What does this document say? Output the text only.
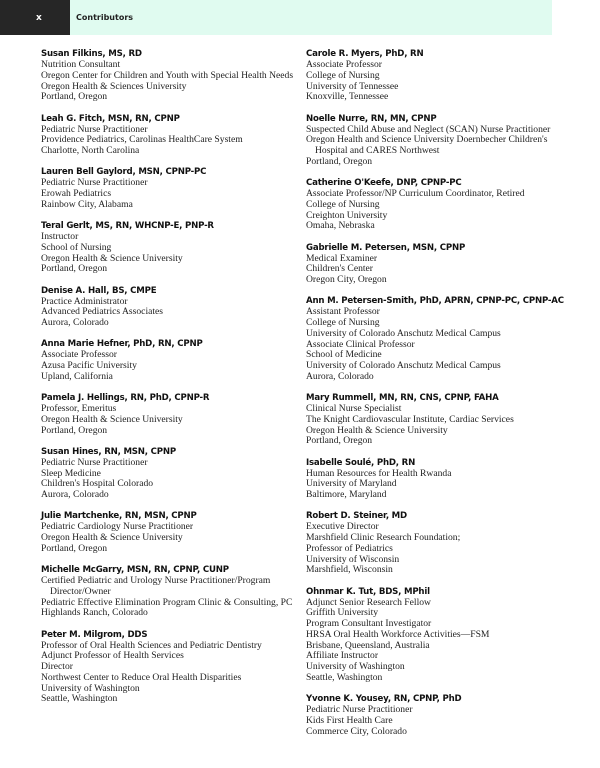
x	Contributors
Susan Filkins, MS, RD
Nutrition Consultant
Oregon Center for Children and Youth with Special Health Needs
Oregon Health & Sciences University
Portland, Oregon
Leah G. Fitch, MSN, RN, CPNP
Pediatric Nurse Practitioner
Providence Pediatrics, Carolinas HealthCare System
Charlotte, North Carolina
Lauren Bell Gaylord, MSN, CPNP-PC
Pediatric Nurse Practitioner
Erowah Pediatrics
Rainbow City, Alabama
Teral Gerlt, MS, RN, WHCNP-E, PNP-R
Instructor
School of Nursing
Oregon Health & Science University
Portland, Oregon
Denise A. Hall, BS, CMPE
Practice Administrator
Advanced Pediatrics Associates
Aurora, Colorado
Anna Marie Hefner, PhD, RN, CPNP
Associate Professor
Azusa Pacific University
Upland, California
Pamela J. Hellings, RN, PhD, CPNP-R
Professor, Emeritus
Oregon Health & Science University
Portland, Oregon
Susan Hines, RN, MSN, CPNP
Pediatric Nurse Practitioner
Sleep Medicine
Children's Hospital Colorado
Aurora, Colorado
Julie Martchenke, RN, MSN, CPNP
Pediatric Cardiology Nurse Practitioner
Oregon Health & Science University
Portland, Oregon
Michelle McGarry, MSN, RN, CPNP, CUNP
Certified Pediatric and Urology Nurse Practitioner/Program Director/Owner
Pediatric Effective Elimination Program Clinic & Consulting, PC
Highlands Ranch, Colorado
Peter M. Milgrom, DDS
Professor of Oral Health Sciences and Pediatric Dentistry
Adjunct Professor of Health Services
Director
Northwest Center to Reduce Oral Health Disparities
University of Washington
Seattle, Washington
Carole R. Myers, PhD, RN
Associate Professor
College of Nursing
University of Tennessee
Knoxville, Tennessee
Noelle Nurre, RN, MN, CPNP
Suspected Child Abuse and Neglect (SCAN) Nurse Practitioner
Oregon Health and Science University Doernbecher Children's Hospital and CARES Northwest
Portland, Oregon
Catherine O'Keefe, DNP, CPNP-PC
Associate Professor/NP Curriculum Coordinator, Retired
College of Nursing
Creighton University
Omaha, Nebraska
Gabrielle M. Petersen, MSN, CPNP
Medical Examiner
Children's Center
Oregon City, Oregon
Ann M. Petersen-Smith, PhD, APRN, CPNP-PC, CPNP-AC
Assistant Professor
College of Nursing
University of Colorado Anschutz Medical Campus
Associate Clinical Professor
School of Medicine
University of Colorado Anschutz Medical Campus
Aurora, Colorado
Mary Rummell, MN, RN, CNS, CPNP, FAHA
Clinical Nurse Specialist
The Knight Cardiovascular Institute, Cardiac Services
Oregon Health & Science University
Portland, Oregon
Isabelle Soulé, PhD, RN
Human Resources for Health Rwanda
University of Maryland
Baltimore, Maryland
Robert D. Steiner, MD
Executive Director
Marshfield Clinic Research Foundation;
Professor of Pediatrics
University of Wisconsin
Marshfield, Wisconsin
Ohnmar K. Tut, BDS, MPhil
Adjunct Senior Research Fellow
Griffith University
Program Consultant Investigator
HRSA Oral Health Workforce Activities—FSM
Brisbane, Queensland, Australia
Affiliate Instructor
University of Washington
Seattle, Washington
Yvonne K. Yousey, RN, CPNP, PhD
Pediatric Nurse Practitioner
Kids First Health Care
Commerce City, Colorado
